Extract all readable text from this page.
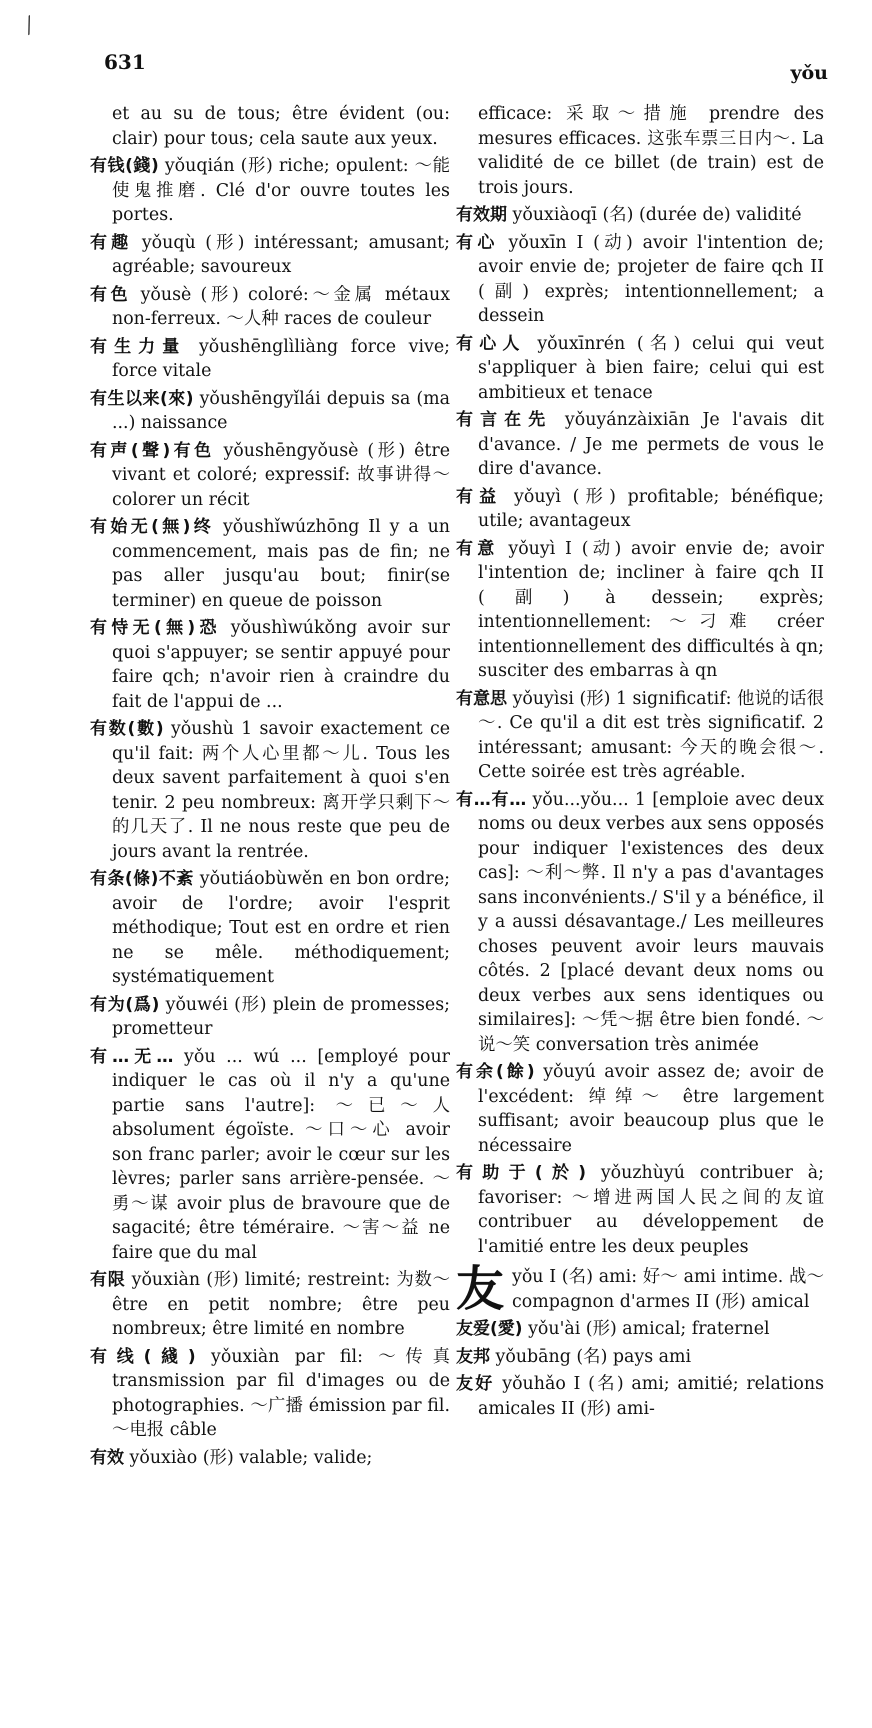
⁄
631	yǒu
et au su de tous; être évident (ou: clair) pour tous; cela saute aux yeux.
有钱(錢) yǒuqián (形) riche; opulent: ～能使鬼推磨. Clé d'or ouvre toutes les portes.
有趣 yǒuqù (形) intéressant; amusant; agréable; savoureux
有色 yǒusè (形) coloré:～金属 métaux non-ferreux. ～人种 races de couleur
有生力量 yǒushēnglìliàng force vive; force vitale
有生以来(來) yǒushēngyǐlái depuis sa (ma ...) naissance
有声(聲)有色 yǒushēngyǒusè (形) être vivant et coloré; expressif: 故事讲得～ colorer un récit
有始无(無)终 yǒushǐwúzhōng Il y a un commencement, mais pas de fin; ne pas aller jusqu'au bout; finir(se terminer) en queue de poisson
有恃无(無)恐 yǒushìwúkǒng avoir sur quoi s'appuyer; se sentir appuyé pour faire qch; n'avoir rien à craindre du fait de l'appui de ...
有数(數) yǒushù 1 savoir exactement ce qu'il fait: 两个人心里都～儿. Tous les deux savent parfaitement à quoi s'en tenir. 2 peu nombreux: 离开学只剩下～的几天了. Il ne nous reste que peu de jours avant la rentrée.
有条(條)不紊 yǒutiáobùwěn en bon ordre; avoir de l'ordre; avoir l'esprit méthodique; Tout est en ordre et rien ne se mêle. méthodiquement; systématiquement
有为(爲) yǒuwéi (形) plein de promesses; prometteur
有…无… yǒu ... wú ... [employé pour indiquer le cas où il n'y a qu'une partie sans l'autre]: ～已～人 absolument égoïste. ～口～心 avoir son franc parler; avoir le cœur sur les lèvres; parler sans arrière-pensée. ～勇～谋 avoir plus de bravoure que de sagacité; être téméraire. ～害～益 ne faire que du mal
有限 yǒuxiàn (形) limité; restreint: 为数～ être en petit nombre; être peu nombreux; être limité en nombre
有线(綫) yǒuxiàn par fil: ～传真 transmission par fil d'images ou de photographies. ～广播 émission par fil. ～电报 câble
有效 yǒuxiào (形) valable; valide;
efficace: 采取～措施 prendre des mesures efficaces. 这张车票三日内～. La validité de ce billet (de train) est de trois jours.
有效期 yǒuxiàoqī (名) (durée de) validité
有心 yǒuxīn I (动) avoir l'intention de; avoir envie de; projeter de faire qch II (副) exprès; intentionnellement; a dessein
有心人 yǒuxīnrén (名) celui qui veut s'appliquer à bien faire; celui qui est ambitieux et tenace
有言在先 yǒuyánzàixiān Je l'avais dit d'avance. / Je me permets de vous le dire d'avance.
有益 yǒuyì (形) profitable; bénéfique; utile; avantageux
有意 yǒuyì I (动) avoir envie de; avoir l'intention de; incliner à faire qch II (副) à dessein; exprès; intentionnellement: ～刁难 créer intentionnellement des difficultés à qn; susciter des embarras à qn
有意思 yǒuyìsi (形) 1 significatif: 他说的话很～. Ce qu'il a dit est très significatif. 2 intéressant; amusant: 今天的晚会很～. Cette soirée est très agréable.
有…有… yǒu...yǒu... 1 [emploie avec deux noms ou deux verbes aux sens opposés pour indiquer l'existences des deux cas]: ～利～弊. Il n'y a pas d'avantages sans inconvénients./ S'il y a bénéfice, il y a aussi désavantage./ Les meilleures choses peuvent avoir leurs mauvais côtés. 2 [placé devant deux noms ou deux verbes aux sens identiques ou similaires]: ～凭～据 être bien fondé. ～说～笑 conversation très animée
有余(餘) yǒuyú avoir assez de; avoir de l'excédent: 绰绰～ être largement suffisant; avoir beaucoup plus que le nécessaire
有助于(於) yǒuzhùyú contribuer à; favoriser: ～增进两国人民之间的友谊 contribuer au développement de l'amitié entre les deux peuples
友 yǒu I (名) ami: 好～ ami intime. 战～ compagnon d'armes II (形) amical
友爱(愛) yǒu'ài (形) amical; fraternel
友邦 yǒubāng (名) pays ami
友好 yǒuhǎo I (名) ami; amitié; relations amicales II (形) ami-
